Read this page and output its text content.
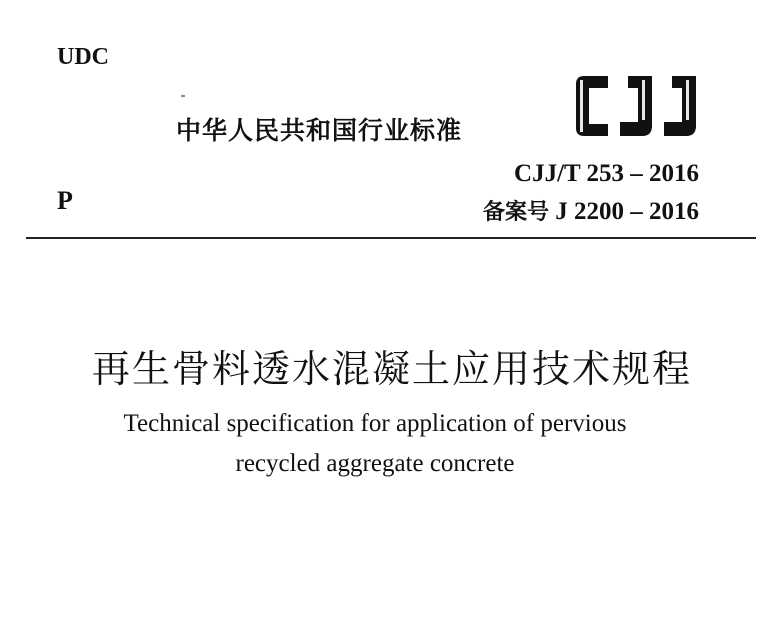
UDC
中华人民共和国行业标准
CJJ/T 253 – 2016
P	备案号 J 2200 – 2016
再生骨料透水混凝土应用技术规程
Technical specification for application of pervious
recycled aggregate concrete
